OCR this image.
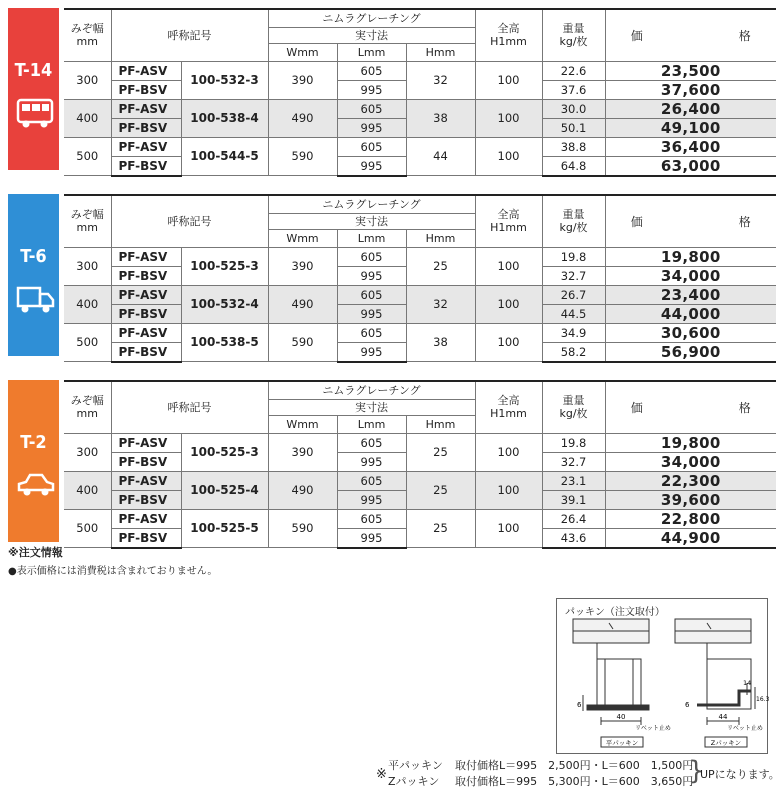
T-14
みぞ幅
mm	呼称記号		ニムラグレーチング			全高
H1mm	重量
kg/枚	価 格
			実寸法					
			Wmm	Lmm	Hmm			
300	PF-ASV	100-532-3	390	605	32	100	22.6	23,500
	PF-BSV			995			37.6	37,600
400	PF-ASV	100-538-4	490	605	38	100	30.0	26,400
	PF-BSV			995			50.1	49,100
500	PF-ASV	100-544-5	590	605	44	100	38.8	36,400
	PF-BSV			995			64.8	63,000
T-6
みぞ幅
mm	呼称記号		ニムラグレーチング			全高
H1mm	重量
kg/枚	価 格
			実寸法					
			Wmm	Lmm	Hmm			
300	PF-ASV	100-525-3	390	605	25	100	19.8	19,800
	PF-BSV			995			32.7	34,000
400	PF-ASV	100-532-4	490	605	32	100	26.7	23,400
	PF-BSV			995			44.5	44,000
500	PF-ASV	100-538-5	590	605	38	100	34.9	30,600
	PF-BSV			995			58.2	56,900
T-2
みぞ幅
mm	呼称記号		ニムラグレーチング			全高
H1mm	重量
kg/枚	価 格
			実寸法					
			Wmm	Lmm	Hmm			
300	PF-ASV	100-525-3	390	605	25	100	19.8	19,800
	PF-BSV			995			32.7	34,000
400	PF-ASV	100-525-4	490	605	25	100	23.1	22,300
	PF-BSV			995			39.1	39,600
500	PF-ASV	100-525-5	590	605	25	100	26.4	22,800
	PF-BSV			995			43.6	44,900
※注文情報
●表示価格には消費税は含まれておりません。
パッキン（注文取付）
40
6
リベット止め
平パッキン
44
14
16.3
6
リベット止め
Zパッキン
※
平パッキン 取付価格L＝995　2,500円・L＝600　1,500円
Zパッキン 取付価格L＝995　5,300円・L＝600　3,650円
}
UPになります。
